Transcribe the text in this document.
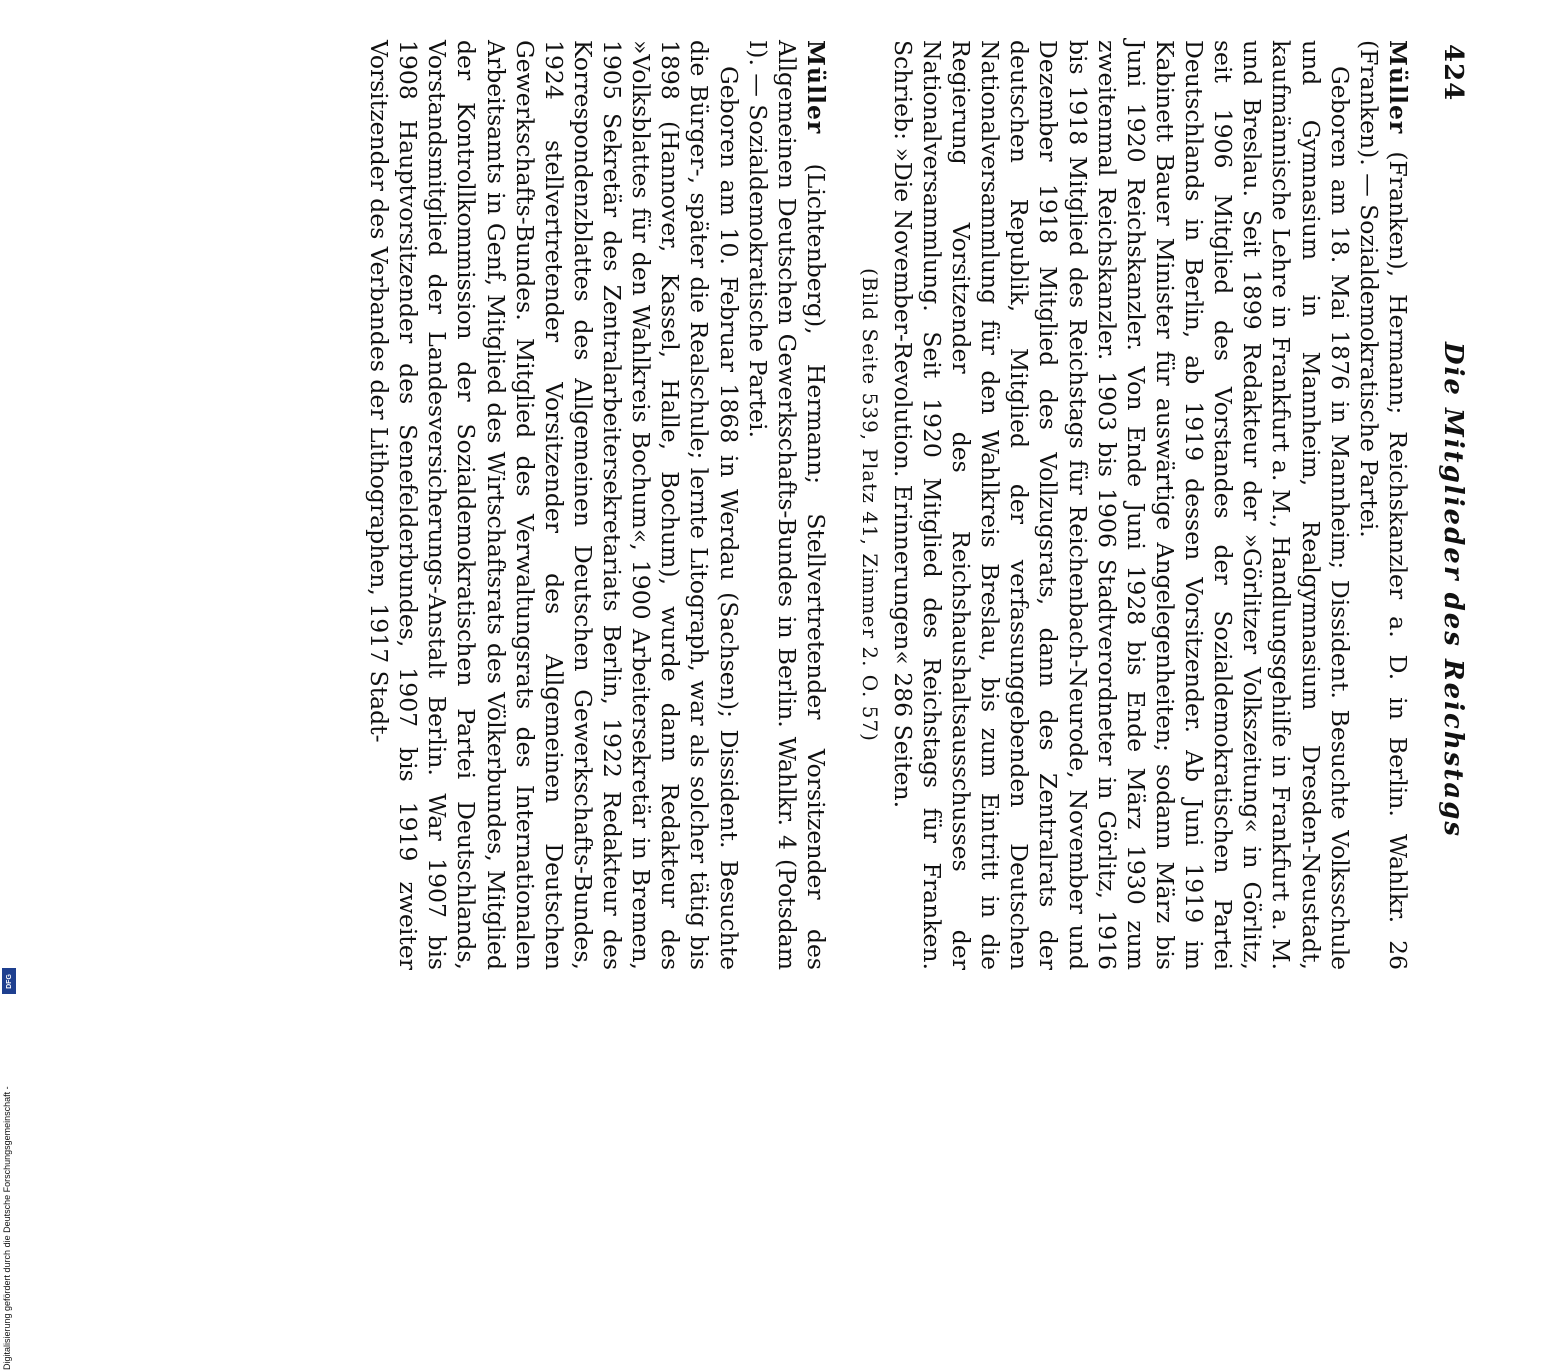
424
Die Mitglieder des Reichstags

Müller (Franken), Hermann; Reichskanzler a. D. in Berlin. Wahlkr. 26 (Franken). — Sozialdemokratische Partei.

Geboren am 18. Mai 1876 in Mannheim; Dissident. Besuchte Volksschule und Gymnasium in Mannheim, Realgymnasium Dresden-Neustadt, kaufmännische Lehre in Frankfurt a. M., Handlungsgehilfe in Frankfurt a. M. und Breslau. Seit 1899 Redakteur der »Görlitzer Volkszeitung« in Görlitz, seit 1906 Mitglied des Vorstandes der Sozialdemokratischen Partei Deutschlands in Berlin, ab 1919 dessen Vorsitzender. Ab Juni 1919 im Kabinett Bauer Minister für auswärtige Angelegenheiten; sodann März bis Juni 1920 Reichskanzler. Von Ende Juni 1928 bis Ende März 1930 zum zweitenmal Reichskanzler. 1903 bis 1906 Stadtverordneter in Görlitz, 1916 bis 1918 Mitglied des Reichstags für Reichenbach-Neurode, November und Dezember 1918 Mitglied des Vollzugsrats, dann des Zentralrats der deutschen Republik, Mitglied der verfassunggebenden Deutschen Nationalversammlung für den Wahlkreis Breslau, bis zum Eintritt in die Regierung Vorsitzender des Reichshaushaltsausschusses der Nationalversammlung. Seit 1920 Mitglied des Reichstags für Franken. Schrieb: »Die November-Revolution. Erinnerungen« 286 Seiten.

(Bild Seite 539, Platz 41, Zimmer 2. O. 57)

Müller (Lichtenberg), Hermann; Stellvertretender Vorsitzender des Allgemeinen Deutschen Gewerkschafts-Bundes in Berlin. Wahlkr. 4 (Potsdam I). — Sozialdemokratische Partei.

Geboren am 10. Februar 1868 in Werdau (Sachsen); Dissident. Besuchte die Bürger-, später die Realschule; lernte Litograph, war als solcher tätig bis 1898 (Hannover, Kassel, Halle, Bochum), wurde dann Redakteur des »Volksblattes für den Wahlkreis Bochum«, 1900 Arbeitersekretär in Bremen, 1905 Sekretär des Zentralarbeitersekretariats Berlin, 1922 Redakteur des Korrespondenzblattes des Allgemeinen Deutschen Gewerkschafts-Bundes, 1924 stellvertretender Vorsitzender des Allgemeinen Deutschen Gewerkschafts-Bundes. Mitglied des Verwaltungsrats des Internationalen Arbeitsamts in Genf, Mitglied des Wirtschaftsrats des Völkerbundes, Mitglied der Kontrollkommission der Sozialdemokratischen Partei Deutschlands, Vorstandsmitglied der Landesversicherungs-Anstalt Berlin. War 1907 bis 1908 Hauptvorsitzender des Senefelderbundes, 1907 bis 1919 zweiter Vorsitzender des Verbandes der Lithographen, 1917 Stadt-

Digitalisierung gefördert durch die Deutsche Forschungsgemeinschaft -
DFG
